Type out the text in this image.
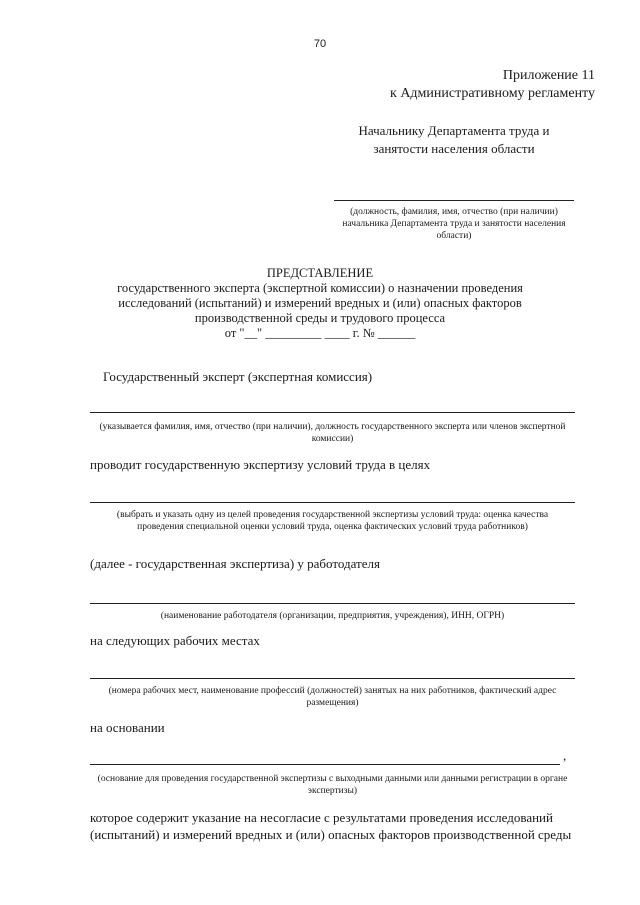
70
Приложение 11
к Административному регламенту
Начальнику Департамента труда и
занятости населения области
(должность, фамилия, имя, отчество (при наличии) начальника Департамента труда и занятости населения области)
ПРЕДСТАВЛЕНИЕ
государственного эксперта (экспертной комиссии) о назначении проведения
исследований (испытаний) и измерений вредных и (или) опасных факторов
производственной среды и трудового процесса
от "__" _________ ____ г. № ______
Государственный эксперт (экспертная комиссия)
(указывается фамилия, имя, отчество (при наличии), должность государственного эксперта или членов экспертной комиссии)
проводит государственную экспертизу условий труда в целях
(выбрать и указать одну из целей проведения государственной экспертизы условий труда: оценка качества проведения специальной оценки условий труда, оценка фактических условий труда работников)
(далее - государственная экспертиза) у работодателя
(наименование работодателя (организации, предприятия, учреждения), ИНН, ОГРН)
на следующих рабочих местах
(номера рабочих мест, наименование профессий (должностей) занятых на них работников, фактический адрес размещения)
на основании
,
(основание для проведения государственной экспертизы с выходными данными или данными регистрации в органе экспертизы)
которое содержит указание на несогласие с результатами проведения исследований
(испытаний) и измерений вредных и (или) опасных факторов производственной среды
